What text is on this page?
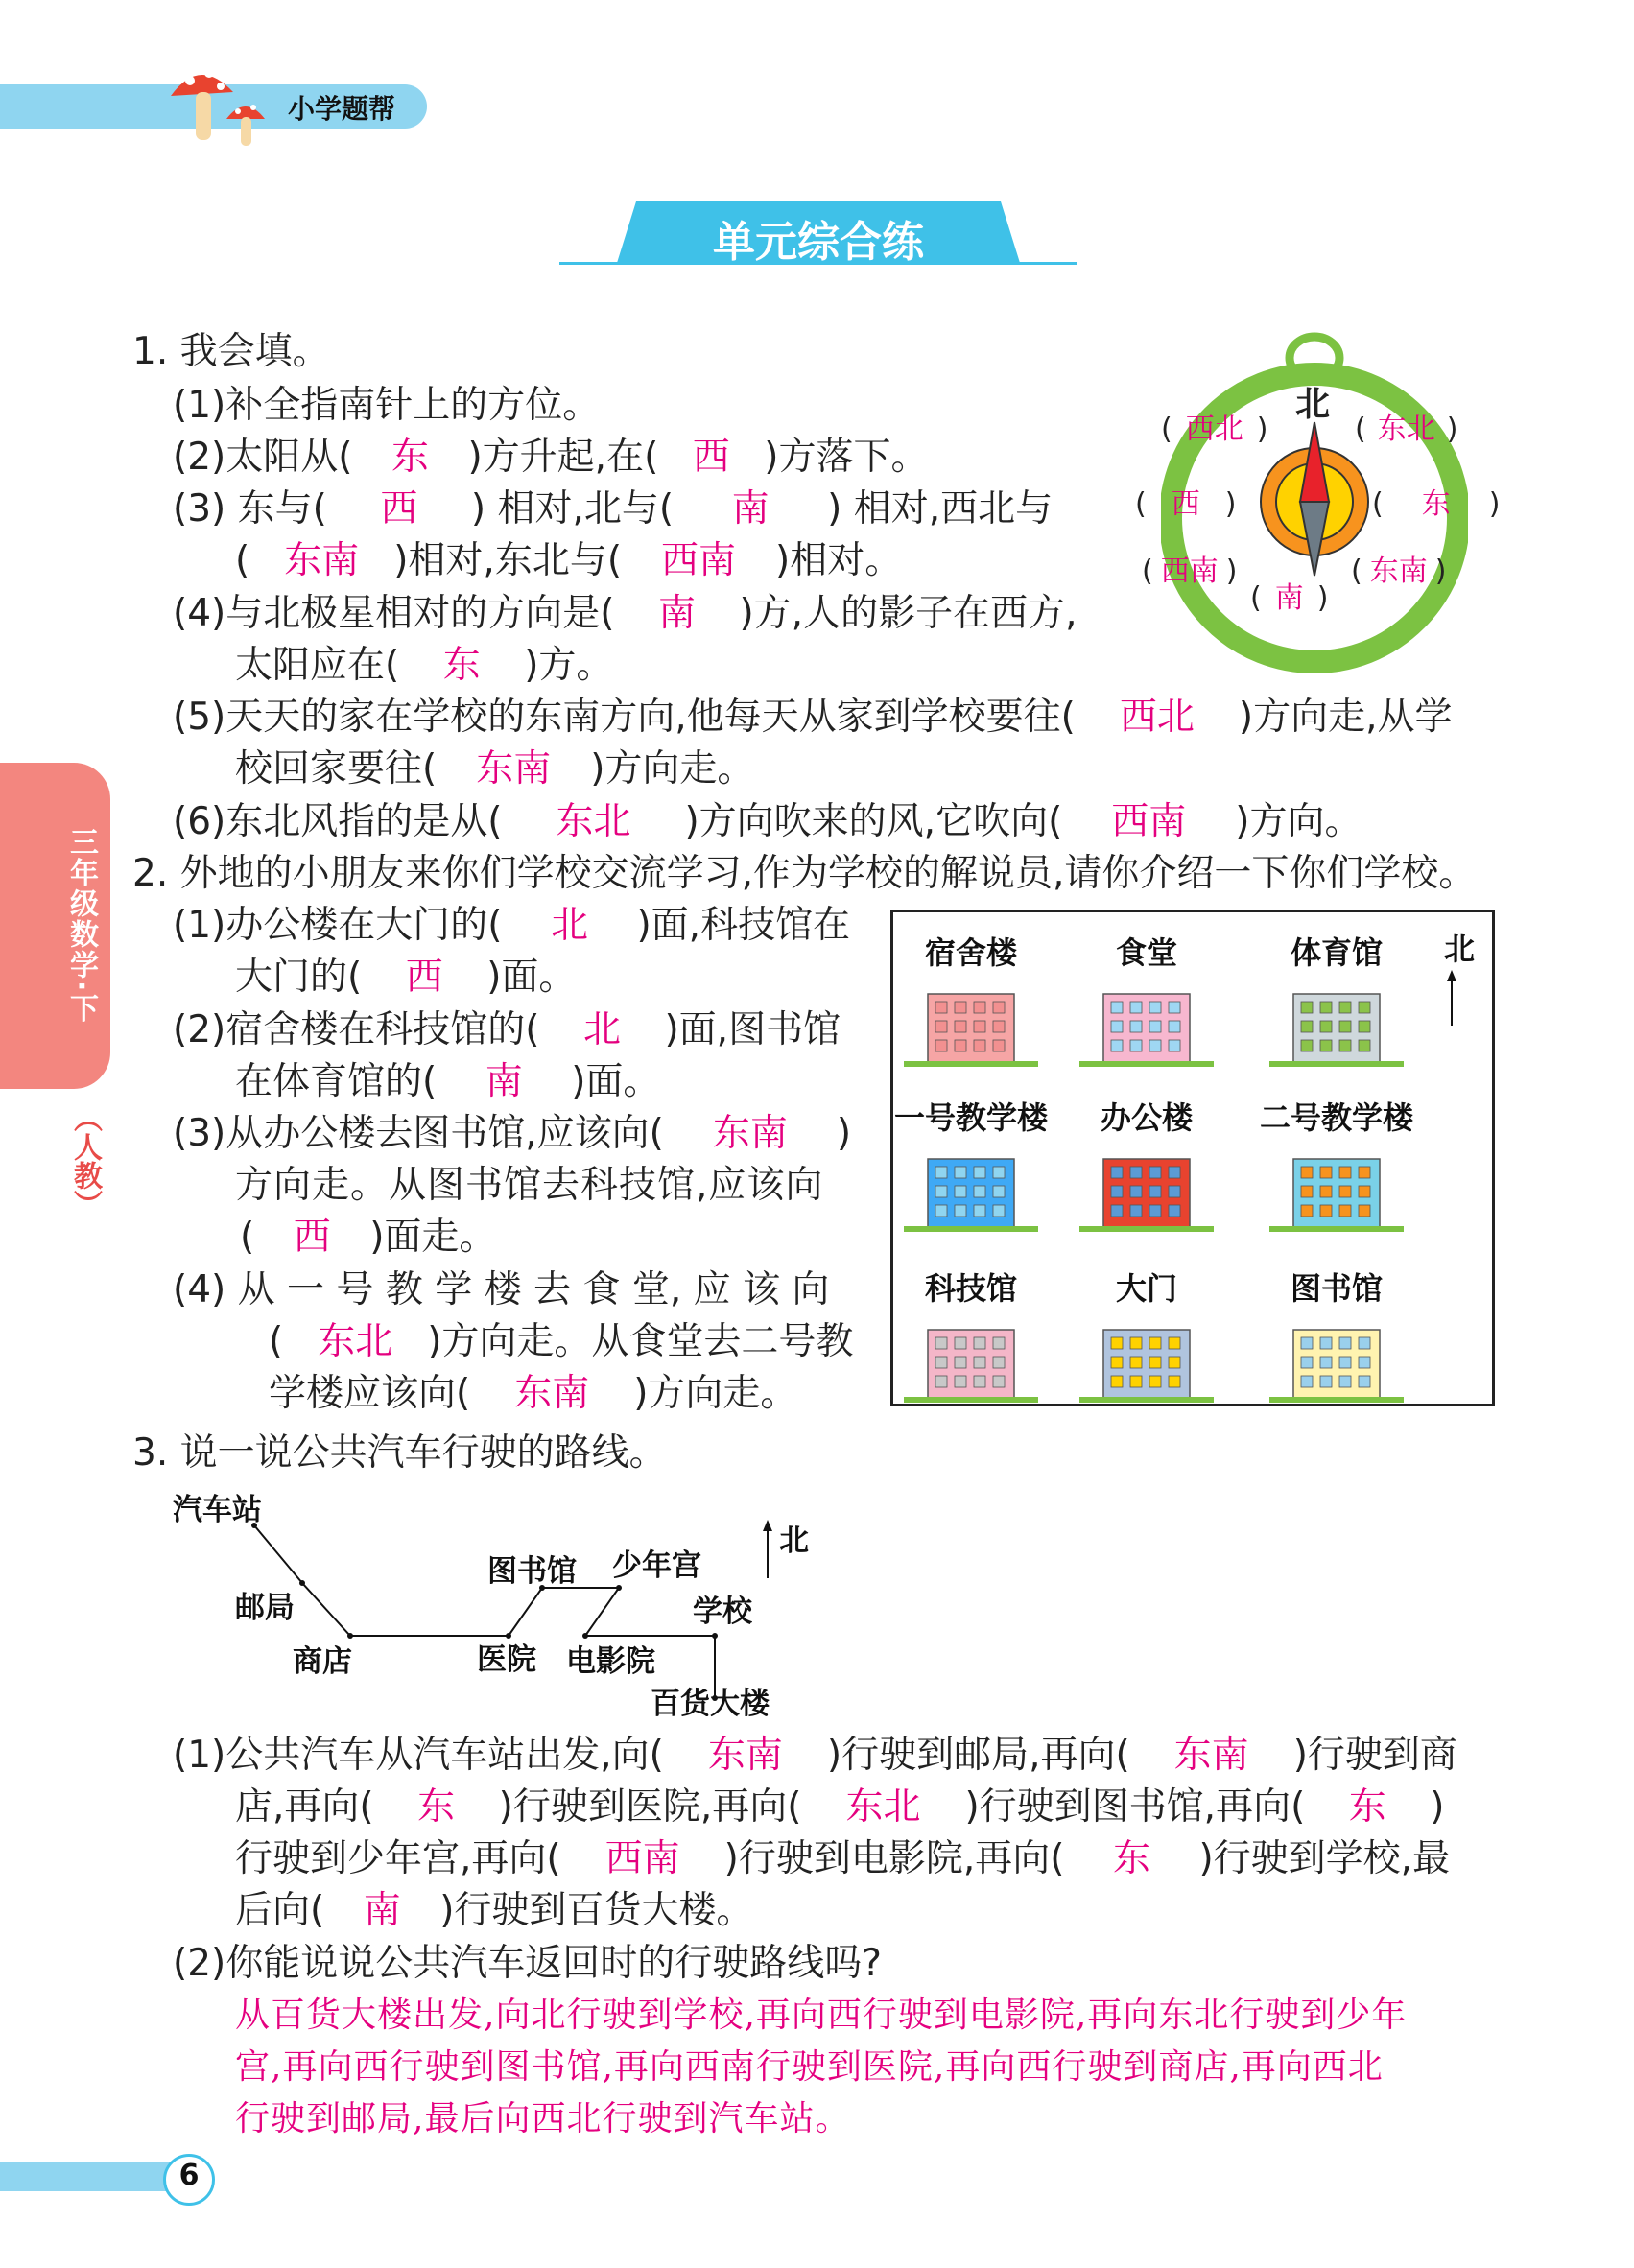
小学题帮
单元综合练
三年级数学·下
（人教）
1. 我会填。
(1)补全指南针上的方位。
(2)太阳从( 东 )方升起,在( 西 )方落下。
(3) 东与( 西 ) 相对,北与( 南 ) 相对,西北与
( 东南 )相对,东北与( 西南 )相对。
(4)与北极星相对的方向是( 南 )方,人的影子在西方,
太阳应在( 东 )方。
(5)天天的家在学校的东南方向,他每天从家到学校要往( 西北 )方向走,从学
校回家要往( 东南 )方向走。
(6)东北风指的是从( 东北 )方向吹来的风,它吹向( 西南 )方向。
北
( 西北 )	( 东北 )
( 西 )	( 东 )
( 西南 )	( 东南 )
( 南 )
2. 外地的小朋友来你们学校交流学习,作为学校的解说员,请你介绍一下你们学校。
(1)办公楼在大门的( 北 )面,科技馆在
大门的( 西 )面。
(2)宿舍楼在科技馆的( 北 )面,图书馆
在体育馆的( 南 )面。
(3)从办公楼去图书馆,应该向( 东南 )
方向走。从图书馆去科技馆,应该向
( 西 )面走。
(4) 从 一 号 教 学 楼 去 食 堂, 应 该 向
( 东北 )方向走。从食堂去二号教
学楼应该向( 东南 )方向走。
北
宿舍楼	食堂	体育馆
一号教学楼	办公楼	二号教学楼
科技馆	大门	图书馆
3. 说一说公共汽车行驶的路线。
北
汽车站
邮局
商店	医院
图书馆 少年宫
电影院
学校
百货大楼
(1)公共汽车从汽车站出发,向( 东南 )行驶到邮局,再向( 东南 )行驶到商
店,再向( 东 )行驶到医院,再向( 东北 )行驶到图书馆,再向( 东 )
行驶到少年宫,再向( 西南 )行驶到电影院,再向( 东 )行驶到学校,最
后向( 南 )行驶到百货大楼。
(2)你能说说公共汽车返回时的行驶路线吗?
从百货大楼出发,向北行驶到学校,再向西行驶到电影院,再向东北行驶到少年
宫,再向西行驶到图书馆,再向西南行驶到医院,再向西行驶到商店,再向西北
行驶到邮局,最后向西北行驶到汽车站。
6
